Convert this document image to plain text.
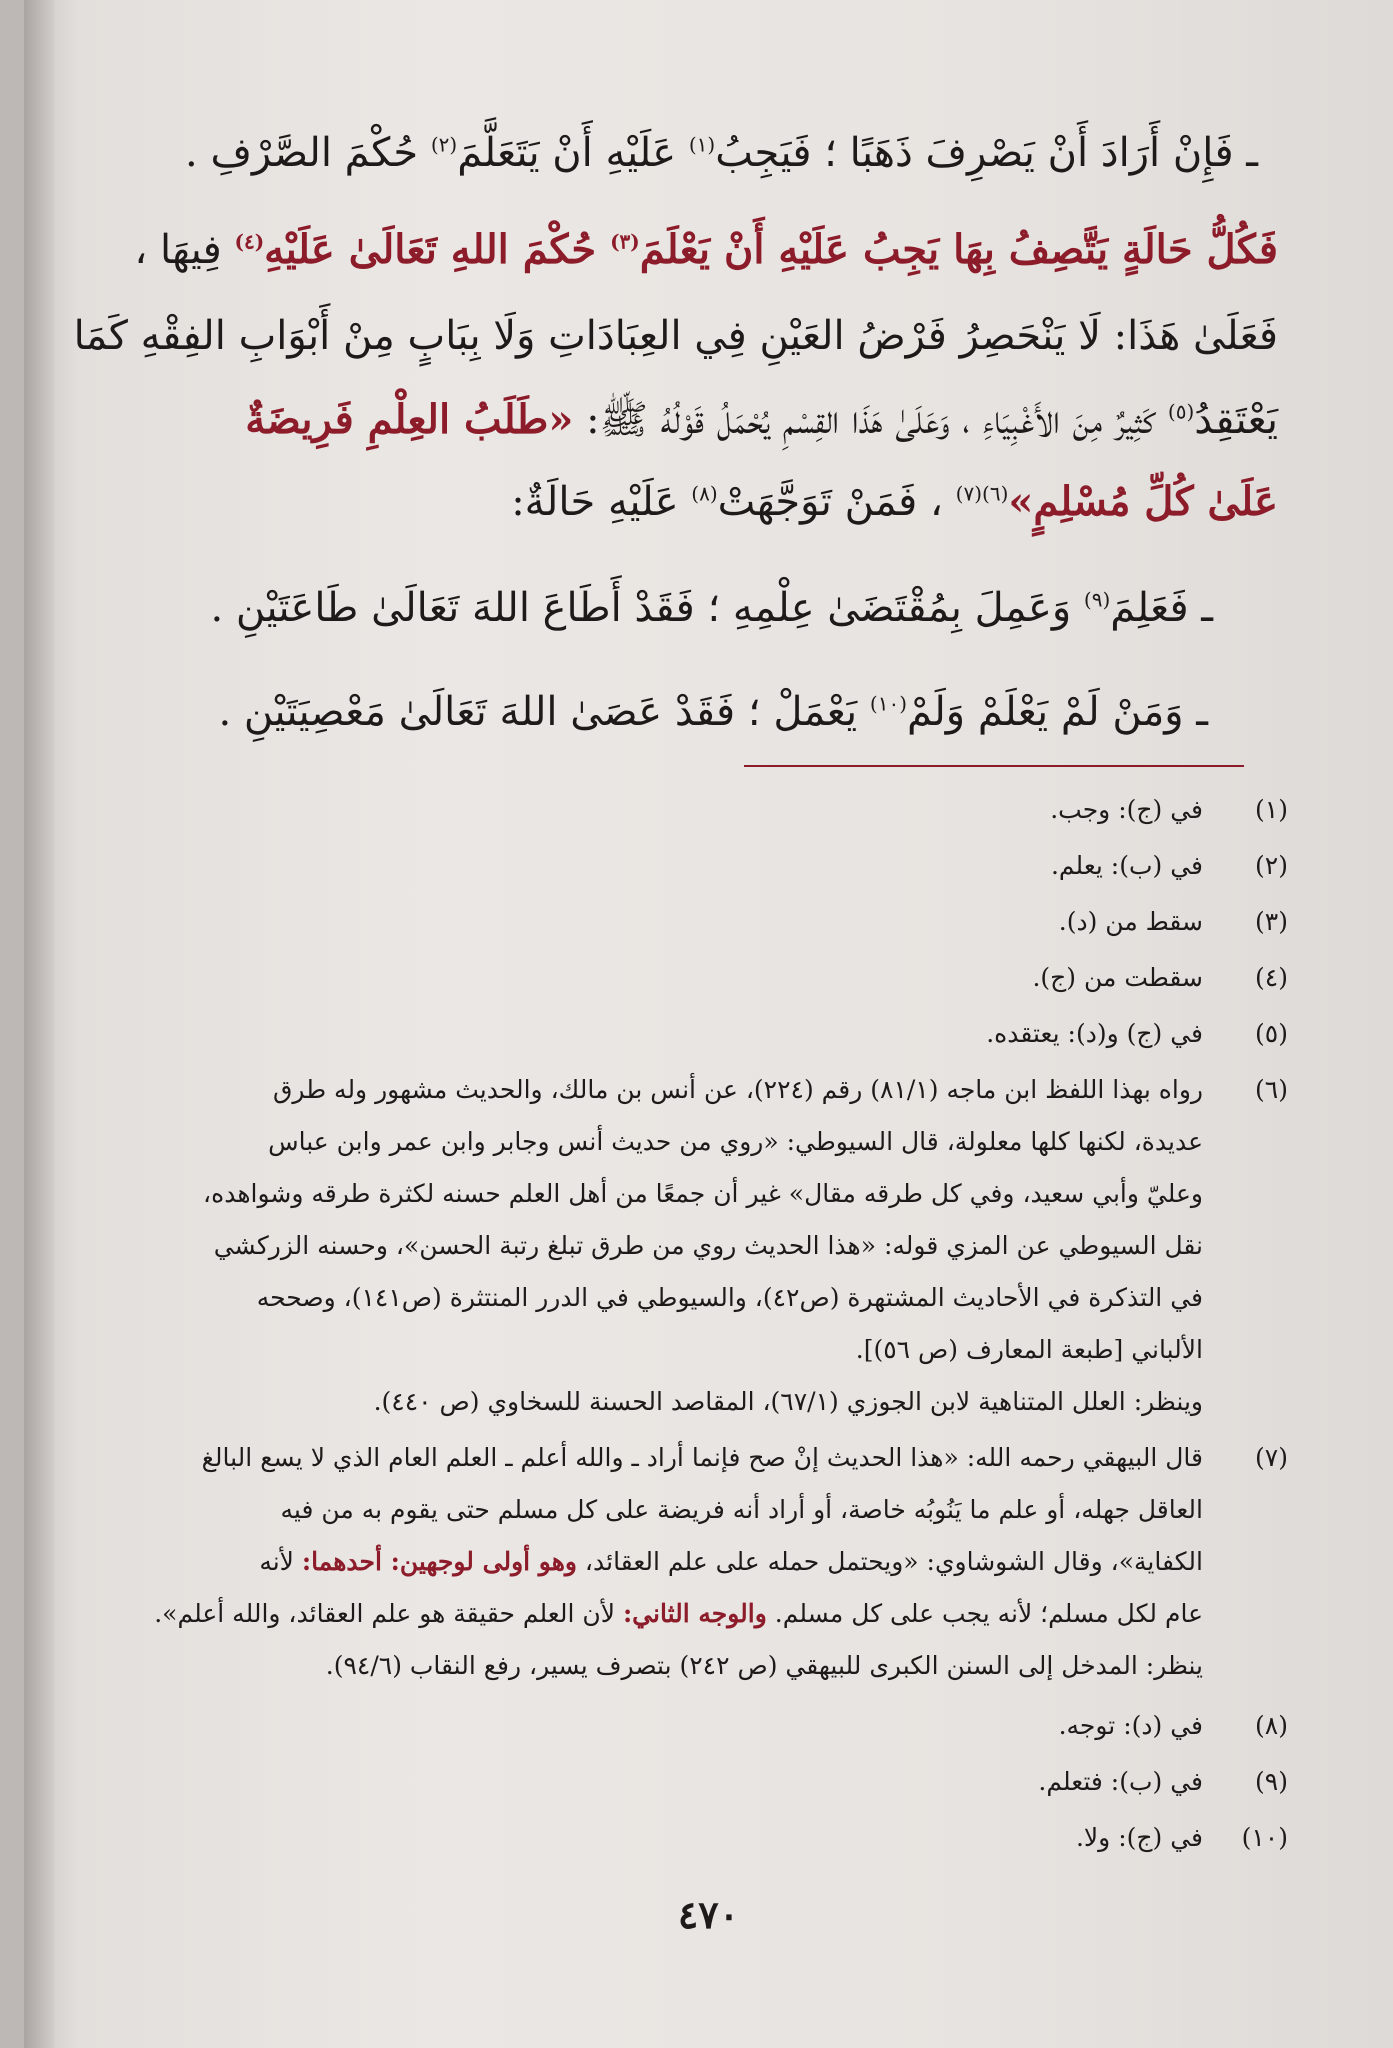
ـ فَإِنْ أَرَادَ أَنْ يَصْرِفَ ذَهَبًا ؛ فَيَجِبُ$^{(١)}$ عَلَيْهِ أَنْ يَتَعَلَّمَ$^{(٢)}$ حُكْمَ الصَّرْفِ .
فَكُلُّ حَالَةٍ يَتَّصِفُ بِهَا يَجِبُ عَلَيْهِ أَنْ يَعْلَمَ$^{(٣)}$ حُكْمَ اللهِ تَعَالَىٰ عَلَيْهِ$^{(٤)}$ فِيهَا ،
فَعَلَىٰ هَذَا: لَا يَنْحَصِرُ فَرْضُ العَيْنِ فِي العِبَادَاتِ وَلَا بِبَابٍ مِنْ أَبْوَابِ الفِقْهِ كَمَا
يَعْتَقِدُ$^{(٥)}$ كَثِيرٌ مِنَ الأَغْبِيَاءِ ، وَعَلَىٰ هَذَا القِسْمِ يُحْمَلُ قَوْلُهُ ﷺ: «طَلَبُ العِلْمِ فَرِيضَةٌ
عَلَىٰ كُلِّ مُسْلِمٍ»$^{(٦)(٧)}$ ، فَمَنْ تَوَجَّهَتْ$^{(٨)}$ عَلَيْهِ حَالَةٌ:
ـ فَعَلِمَ$^{(٩)}$ وَعَمِلَ بِمُقْتَضَىٰ عِلْمِهِ ؛ فَقَدْ أَطَاعَ اللهَ تَعَالَىٰ طَاعَتَيْنِ .
ـ وَمَنْ لَمْ يَعْلَمْ وَلَمْ$^{(١٠)}$ يَعْمَلْ ؛ فَقَدْ عَصَىٰ اللهَ تَعَالَىٰ مَعْصِيَتَيْنِ .
(١)في (ج): وجب.
(٢)في (ب): يعلم.
(٣)سقط من (د).
(٤)سقطت من (ج).
(٥)في (ج) و(د): يعتقده.
(٦)رواه بهذا اللفظ ابن ماجه (٨١/١) رقم (٢٢٤)، عن أنس بن مالك، والحديث مشهور وله طرق
عديدة، لكنها كلها معلولة، قال السيوطي: «روي من حديث أنس وجابر وابن عمر وابن عباس
وعليّ وأبي سعيد، وفي كل طرقه مقال» غير أن جمعًا من أهل العلم حسنه لكثرة طرقه وشواهده،
نقل السيوطي عن المزي قوله: «هذا الحديث روي من طرق تبلغ رتبة الحسن»، وحسنه الزركشي
في التذكرة في الأحاديث المشتهرة (ص٤٢)، والسيوطي في الدرر المنتثرة (ص١٤١)، وصححه
الألباني [طبعة المعارف (ص ٥٦)].
وينظر: العلل المتناهية لابن الجوزي (٦٧/١)، المقاصد الحسنة للسخاوي (ص ٤٤٠).
(٧)قال البيهقي رحمه الله: «هذا الحديث إنْ صح فإنما أراد ـ والله أعلم ـ العلم العام الذي لا يسع البالغ
العاقل جهله، أو علم ما يَنُوبُه خاصة، أو أراد أنه فريضة على كل مسلم حتى يقوم به من فيه
الكفاية»، وقال الشوشاوي: «ويحتمل حمله على علم العقائد، وهو أولى لوجهين: أحدهما: لأنه
عام لكل مسلم؛ لأنه يجب على كل مسلم. والوجه الثاني: لأن العلم حقيقة هو علم العقائد، والله أعلم».
ينظر: المدخل إلى السنن الكبرى للبيهقي (ص ٢٤٢) بتصرف يسير، رفع النقاب (٩٤/٦).
(٨)في (د): توجه.
(٩)في (ب): فتعلم.
(١٠)في (ج): ولا.
٤٧٠
